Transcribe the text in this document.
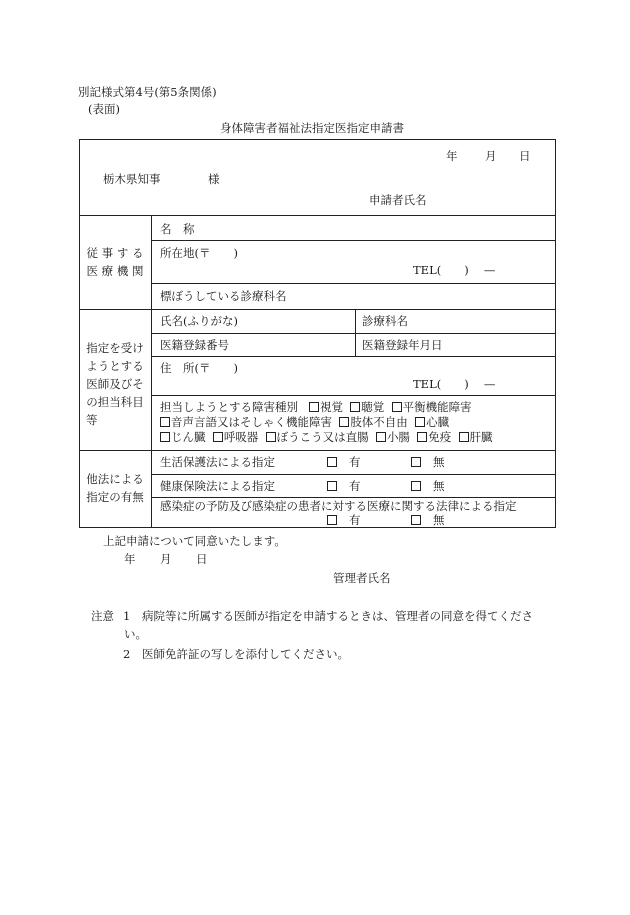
別記様式第4号(第5条関係)
(表面)
身体障害者福祉法指定医指定申請書
年 月 日
栃木県知事	様
申請者氏名
従 事 す る
医 療 機 関
名　称
所在地(〒　　)
TEL(　　)　 —
標ぼうしている診療科名
指定を受け
ようとする
医師及びそ
の担当科目
等
氏名(ふりがな)	診療科名
医籍登録番号	医籍登録年月日
住　所(〒　　)
TEL(　　)　 —
担当しようとする障害種別 視覚 聴覚 平衡機能障害
音声言語又はそしゃく機能障害 肢体不自由 心臓
じん臓 呼吸器 ぼうこう又は直腸 小腸 免疫 肝臓
他法による
指定の有無
生活保護法による指定	有	無
健康保険法による指定	有	無
感染症の予防及び感染症の患者に対する医療に関する法律による指定
有	無
上記申請について同意いたします。
年 月 日
管理者氏名
注意 1 病院等に所属する医師が指定を申請するときは、管理者の同意を得てくださ
い。
2 医師免許証の写しを添付してください。
